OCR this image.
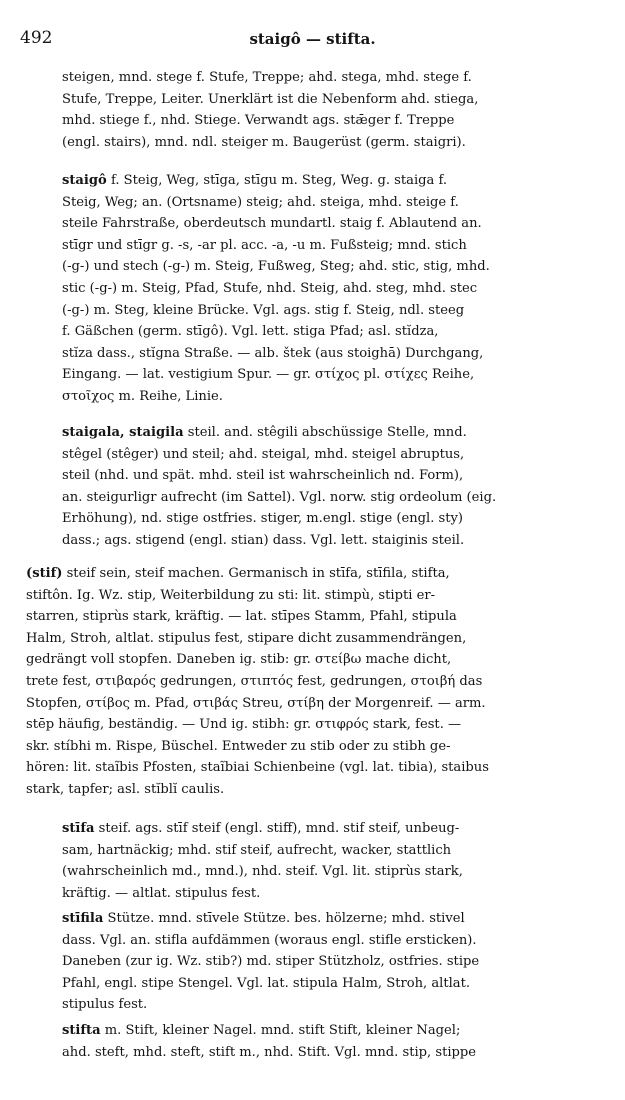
492	staigô — stifta.
steigen, mnd. stege f. Stufe, Treppe; ahd. stega, mhd. stege f.
Stufe, Treppe, Leiter. Unerklärt ist die Nebenform ahd. stiega,
mhd. stiege f., nhd. Stiege. Verwandt ags. stǣger f. Treppe
(engl. stairs), mnd. ndl. steiger m. Baugerüst (germ. staigri).
staigô f. Steig, Weg, stīga, stīgu m. Steg, Weg. g. staiga f.
Steig, Weg; an. (Ortsname) steig; ahd. steiga, mhd. steige f.
steile Fahrstraße, oberdeutsch mundartl. staig f. Ablautend an.
stīgr und stīgr g. -s, -ar pl. acc. -a, -u m. Fußsteig; mnd. stich
(-g-) und stech (-g-) m. Steig, Fußweg, Steg; ahd. stic, stig, mhd.
stic (-g-) m. Steig, Pfad, Stufe, nhd. Steig, ahd. steg, mhd. stec
(-g-) m. Steg, kleine Brücke. Vgl. ags. stig f. Steig, ndl. steeg
f. Gäßchen (germ. stīgô). Vgl. lett. stiga Pfad; asl. stĭdza,
stĭza dass., stĭgna Straße. — alb. štek (aus stoighā) Durchgang,
Eingang. — lat. vestigium Spur. — gr. στίχος pl. στίχες Reihe,
στοῖχος m. Reihe, Linie.
staigala, staigila steil. and. stêgili abschüssige Stelle, mnd.
stêgel (stêger) und steil; ahd. steigal, mhd. steigel abruptus,
steil (nhd. und spät. mhd. steil ist wahrscheinlich nd. Form),
an. steigurligr aufrecht (im Sattel). Vgl. norw. stig ordeolum (eig.
Erhöhung), nd. stige ostfries. stiger, m.engl. stige (engl. sty)
dass.; ags. stigend (engl. stian) dass. Vgl. lett. staiginis steil.
(stif) steif sein, steif machen. Germanisch in stīfa, stīfila, stifta,
stiftôn. Ig. Wz. stip, Weiterbildung zu sti: lit. stimpù, stipti er-
starren, stiprùs stark, kräftig. — lat. stīpes Stamm, Pfahl, stipula
Halm, Stroh, altlat. stipulus fest, stipare dicht zusammendrängen,
gedrängt voll stopfen. Daneben ig. stib: gr. στείβω mache dicht,
trete fest, στιβαρός gedrungen, στιπτός fest, gedrungen, στοιβή das
Stopfen, στίβος m. Pfad, στιβάς Streu, στίβη der Morgenreif. — arm.
stēp häufig, beständig. — Und ig. stibh: gr. στιφρός stark, fest. —
skr. stíbhi m. Rispe, Büschel. Entweder zu stib oder zu stibh ge-
hören: lit. staĩbis Pfosten, staĩbiai Schienbeine (vgl. lat. tibia), staibus
stark, tapfer; asl. stĭblĭ caulis.
stīfa steif. ags. stīf steif (engl. stiff), mnd. stif steif, unbeug-
sam, hartnäckig; mhd. stif steif, aufrecht, wacker, stattlich
(wahrscheinlich md., mnd.), nhd. steif. Vgl. lit. stiprùs stark,
kräftig. — altlat. stipulus fest.
stīfila Stütze. mnd. stīvele Stütze. bes. hölzerne; mhd. stivel
dass. Vgl. an. stifla aufdämmen (woraus engl. stifle ersticken).
Daneben (zur ig. Wz. stib?) md. stiper Stützholz, ostfries. stipe
Pfahl, engl. stipe Stengel. Vgl. lat. stipula Halm, Stroh, altlat.
stipulus fest.
stifta m. Stift, kleiner Nagel. mnd. stift Stift, kleiner Nagel;
ahd. steft, mhd. steft, stift m., nhd. Stift. Vgl. mnd. stip, stippe
